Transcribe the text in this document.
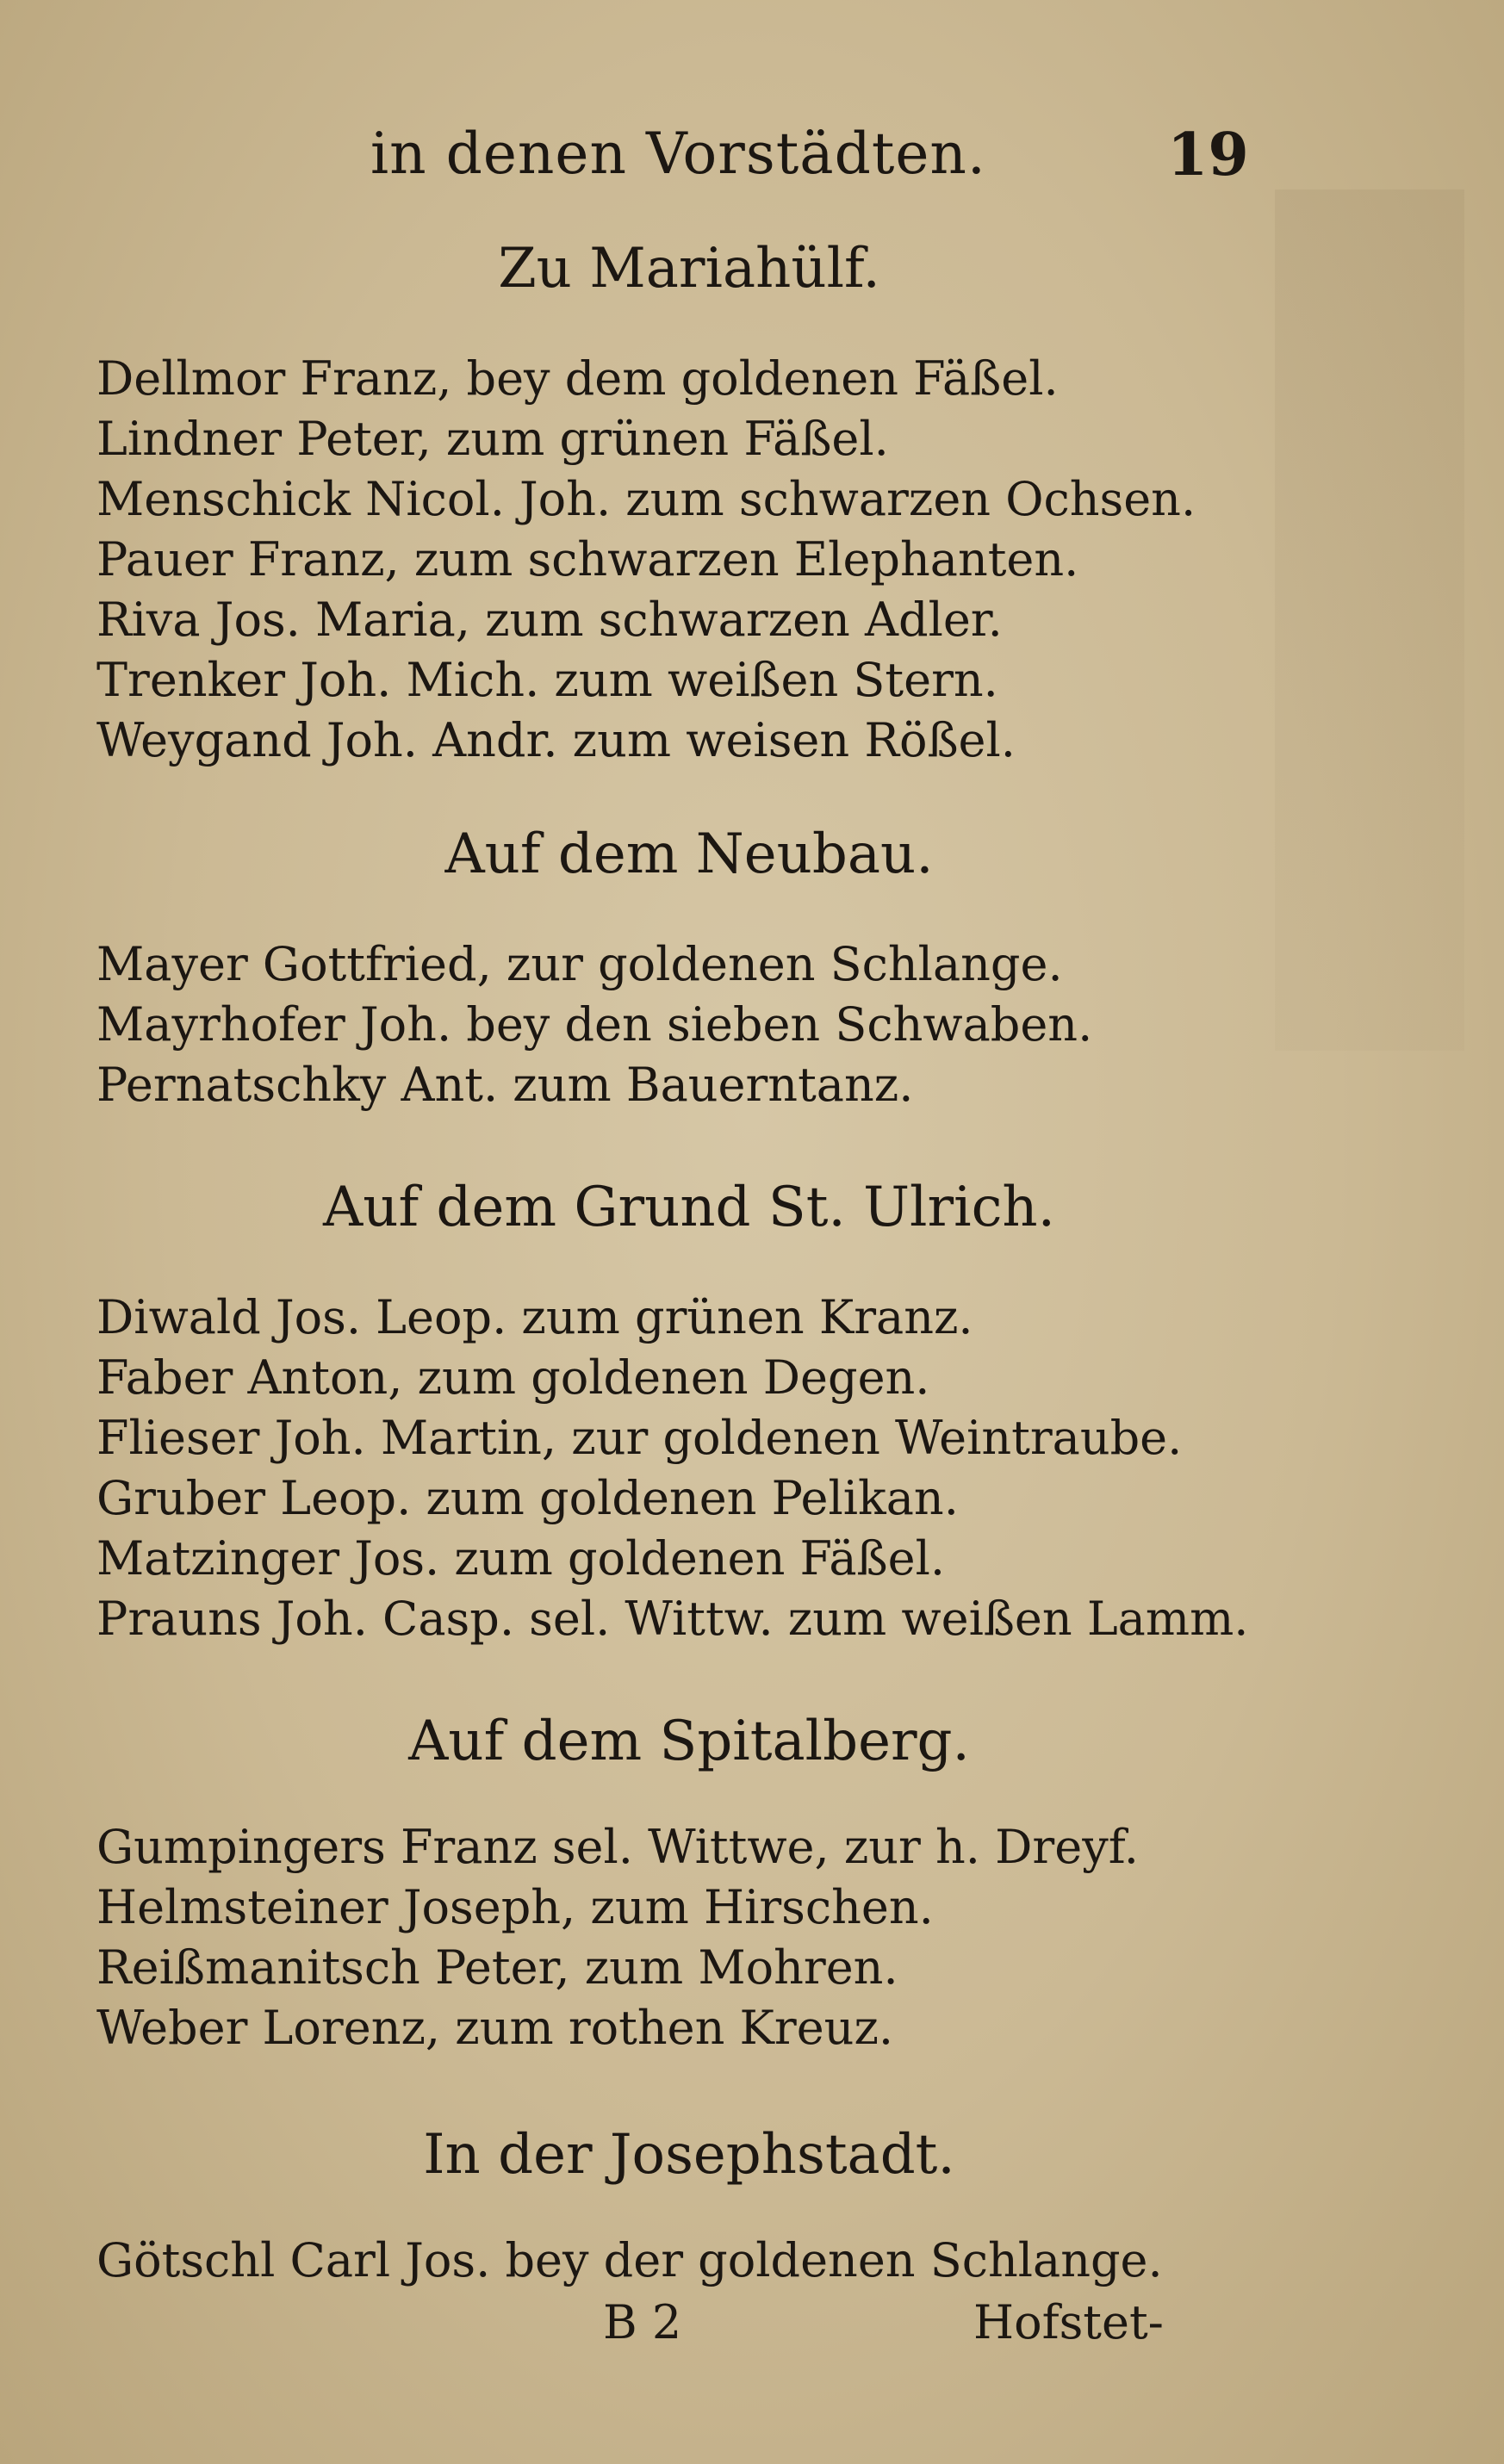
in denen Vorstädten.	19
Zu Mariahülf.
Dellmor Franz, bey dem goldenen Fäßel.
Lindner Peter, zum grünen Fäßel.
Menschick Nicol. Joh. zum schwarzen Ochsen.
Pauer Franz, zum schwarzen Elephanten.
Riva Jos. Maria, zum schwarzen Adler.
Trenker Joh. Mich. zum weißen Stern.
Weygand Joh. Andr. zum weisen Rößel.
Auf dem Neubau.
Mayer Gottfried, zur goldenen Schlange.
Mayrhofer Joh. bey den sieben Schwaben.
Pernatschky Ant. zum Bauerntanz.
Auf dem Grund St. Ulrich.
Diwald Jos. Leop. zum grünen Kranz.
Faber Anton, zum goldenen Degen.
Flieser Joh. Martin, zur goldenen Weintraube.
Gruber Leop. zum goldenen Pelikan.
Matzinger Jos. zum goldenen Fäßel.
Prauns Joh. Casp. sel. Wittw. zum weißen Lamm.
Auf dem Spitalberg.
Gumpingers Franz sel. Wittwe, zur h. Dreyf.
Helmsteiner Joseph, zum Hirschen.
Reißmanitsch Peter, zum Mohren.
Weber Lorenz, zum rothen Kreuz.
In der Josephstadt.
Götschl Carl Jos. bey der goldenen Schlange.
B 2	Hofstet-
